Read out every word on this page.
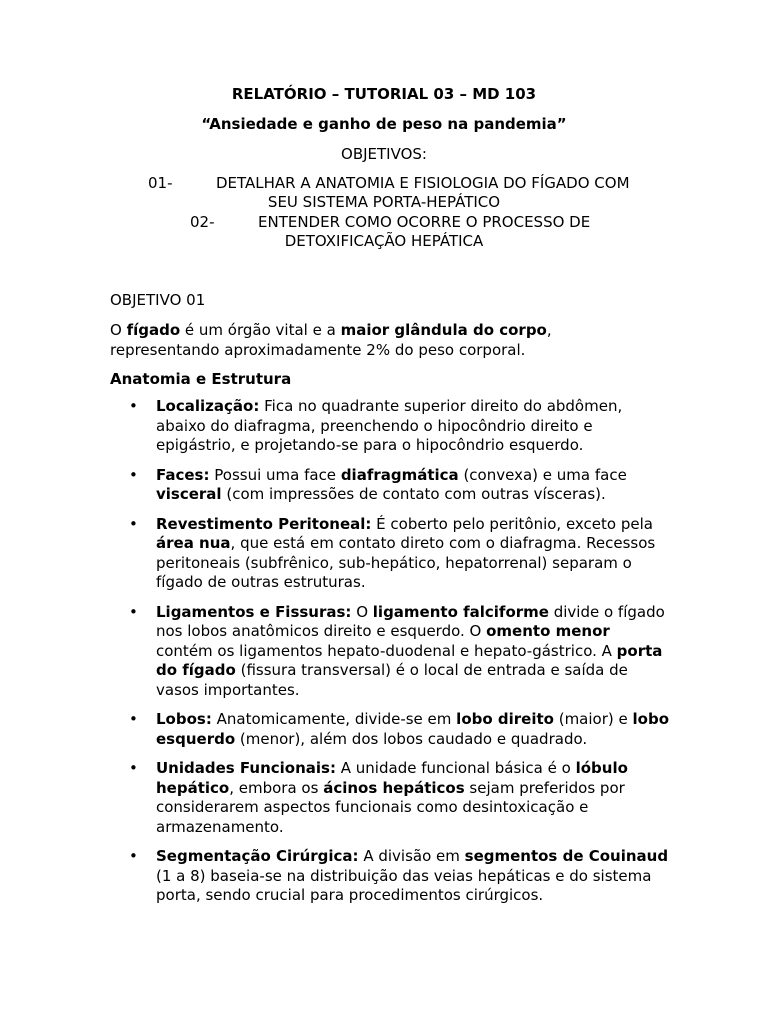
RELATÓRIO – TUTORIAL 03 – MD 103
“Ansiedade e ganho de peso na pandemia”
OBJETIVOS:
01-	DETALHAR A ANATOMIA E FISIOLOGIA DO FÍGADO COM
SEU SISTEMA PORTA-HEPÁTICO
02-	ENTENDER COMO OCORRE O PROCESSO DE
DETOXIFICAÇÃO HEPÁTICA
OBJETIVO 01
O fígado é um órgão vital e a maior glândula do corpo,
representando aproximadamente 2% do peso corporal.
Anatomia e Estrutura
• Localização: Fica no quadrante superior direito do abdômen, abaixo do diafragma, preenchendo o hipocôndrio direito e epigástrio, e projetando-se para o hipocôndrio esquerdo.
• Faces: Possui uma face diafragmática (convexa) e uma face visceral (com impressões de contato com outras vísceras).
• Revestimento Peritoneal: É coberto pelo peritônio, exceto pela área nua, que está em contato direto com o diafragma. Recessos peritoneais (subfrênico, sub-hepático, hepatorrenal) separam o fígado de outras estruturas.
• Ligamentos e Fissuras: O ligamento falciforme divide o fígado nos lobos anatômicos direito e esquerdo. O omento menor contém os ligamentos hepato-duodenal e hepato-gástrico. A porta do fígado (fissura transversal) é o local de entrada e saída de vasos importantes.
• Lobos: Anatomicamente, divide-se em lobo direito (maior) e lobo esquerdo (menor), além dos lobos caudado e quadrado.
• Unidades Funcionais: A unidade funcional básica é o lóbulo hepático, embora os ácinos hepáticos sejam preferidos por considerarem aspectos funcionais como desintoxicação e armazenamento.
• Segmentação Cirúrgica: A divisão em segmentos de Couinaud (1 a 8) baseia-se na distribuição das veias hepáticas e do sistema porta, sendo crucial para procedimentos cirúrgicos.
